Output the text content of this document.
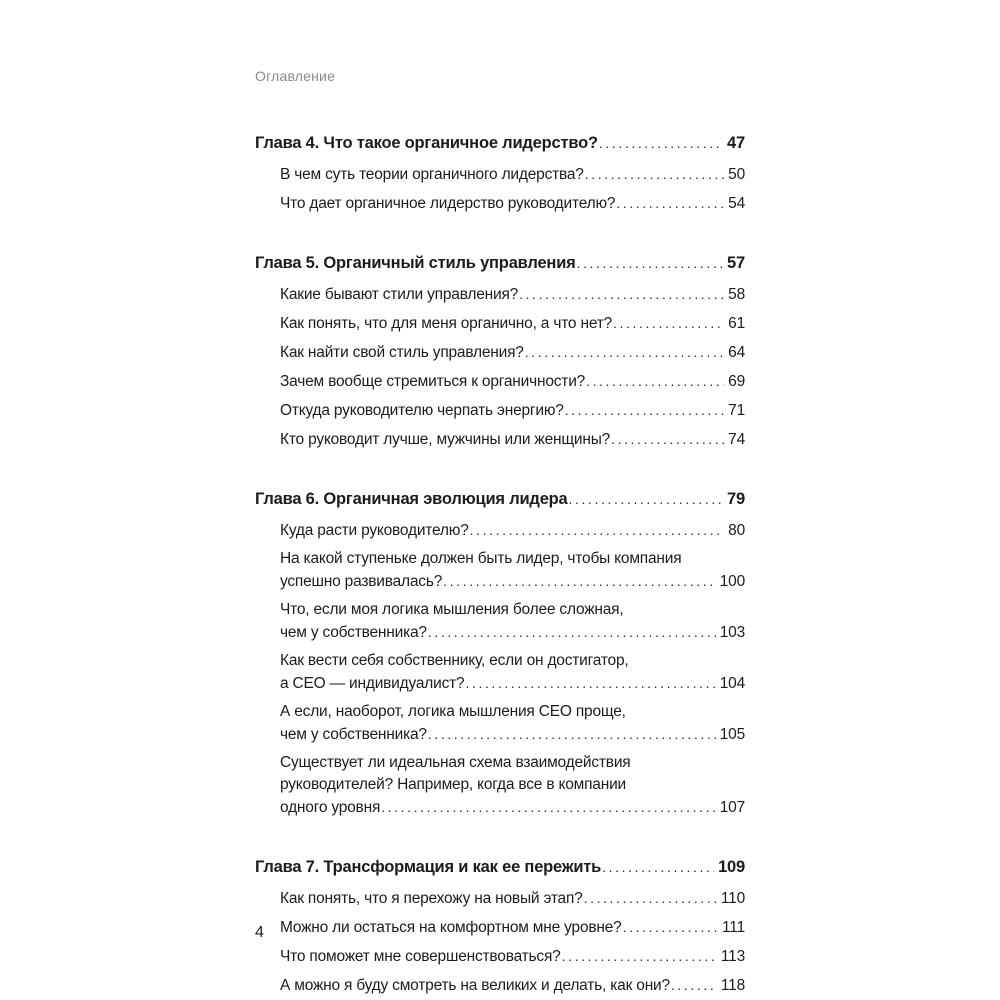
Оглавление
Глава 4. Что такое органичное лидерство? .....	47
В чем суть теории органичного лидерства? .....	50
Что дает органичное лидерство руководителю? .....	54
Глава 5. Органичный стиль управления .....	57
Какие бывают стили управления? .....	58
Как понять, что для меня органично, а что нет? .....	61
Как найти свой стиль управления? .....	64
Зачем вообще стремиться к органичности? .....	69
Откуда руководителю черпать энергию? .....	71
Кто руководит лучше, мужчины или женщины? .....	74
Глава 6. Органичная эволюция лидера .....	79
Куда расти руководителю? .....	80
На какой ступеньке должен быть лидер, чтобы компания
успешно развивалась? .....	100
Что, если моя логика мышления более сложная,
чем у собственника? .....	103
Как вести себя собственнику, если он достигатор,
а CEO — индивидуалист? .....	104
А если, наоборот, логика мышления CEO проще,
чем у собственника? .....	105
Существует ли идеальная схема взаимодействия
руководителей? Например, когда все в компании
одного уровня .....	107
Глава 7. Трансформация и как ее пережить .....	109
Как понять, что я перехожу на новый этап? .....	110
Можно ли остаться на комфортном мне уровне? .....	111
Что поможет мне совершенствоваться? .....	113
А можно я буду смотреть на великих и делать, как они? .....	118
4
